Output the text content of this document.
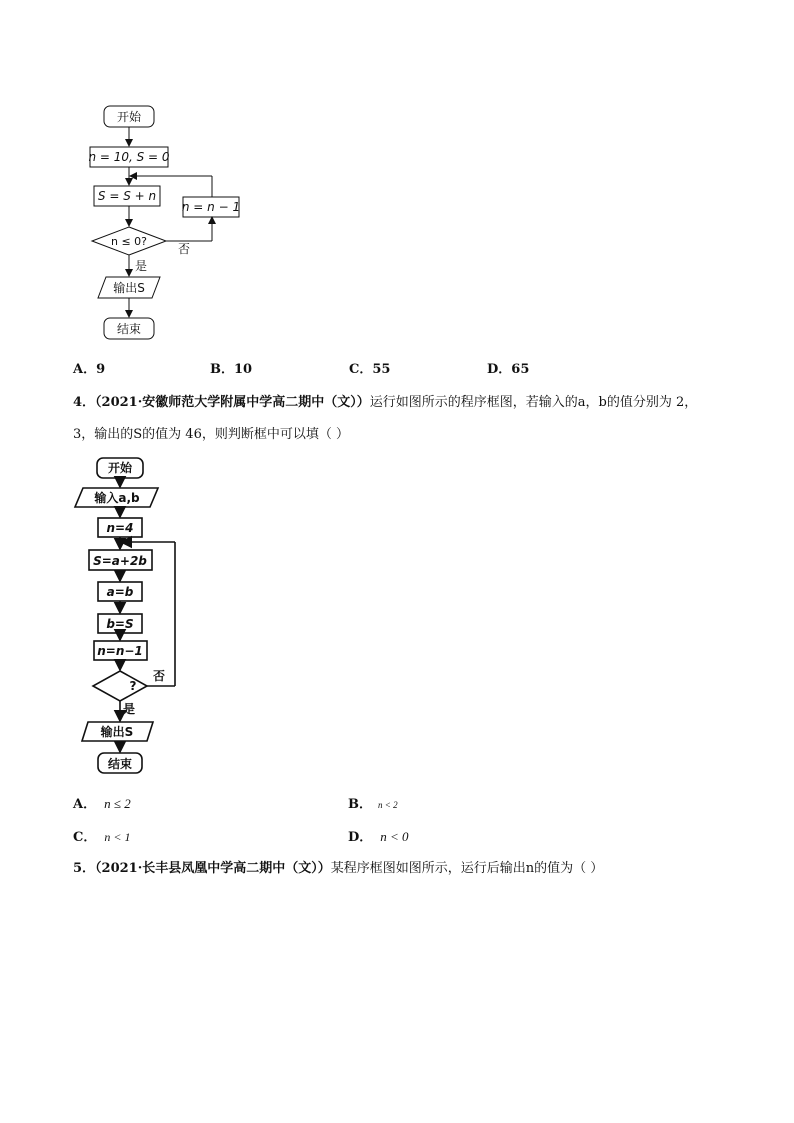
开始
n = 10, S = 0
S = S + n
n = n − 1
n ≤ 0?
否
是
输出S
结束
A．9	B．10	C．55	D．65
4．（2021·安徽师范大学附属中学高二期中（文））运行如图所示的程序框图，若输入的a，b的值分别为 2，
3，输出的S的值为 46，则判断框中可以填（ ）
开始
输入a,b
n=4
S=a+2b
a=b
b=S
n=n−1
?
否
是
输出S
结束
A． n ≤ 2	B． n < 2
C． n < 1	D． n < 0
5．（2021·长丰县凤凰中学高二期中（文））某程序框图如图所示，运行后输出n的值为（ ）
